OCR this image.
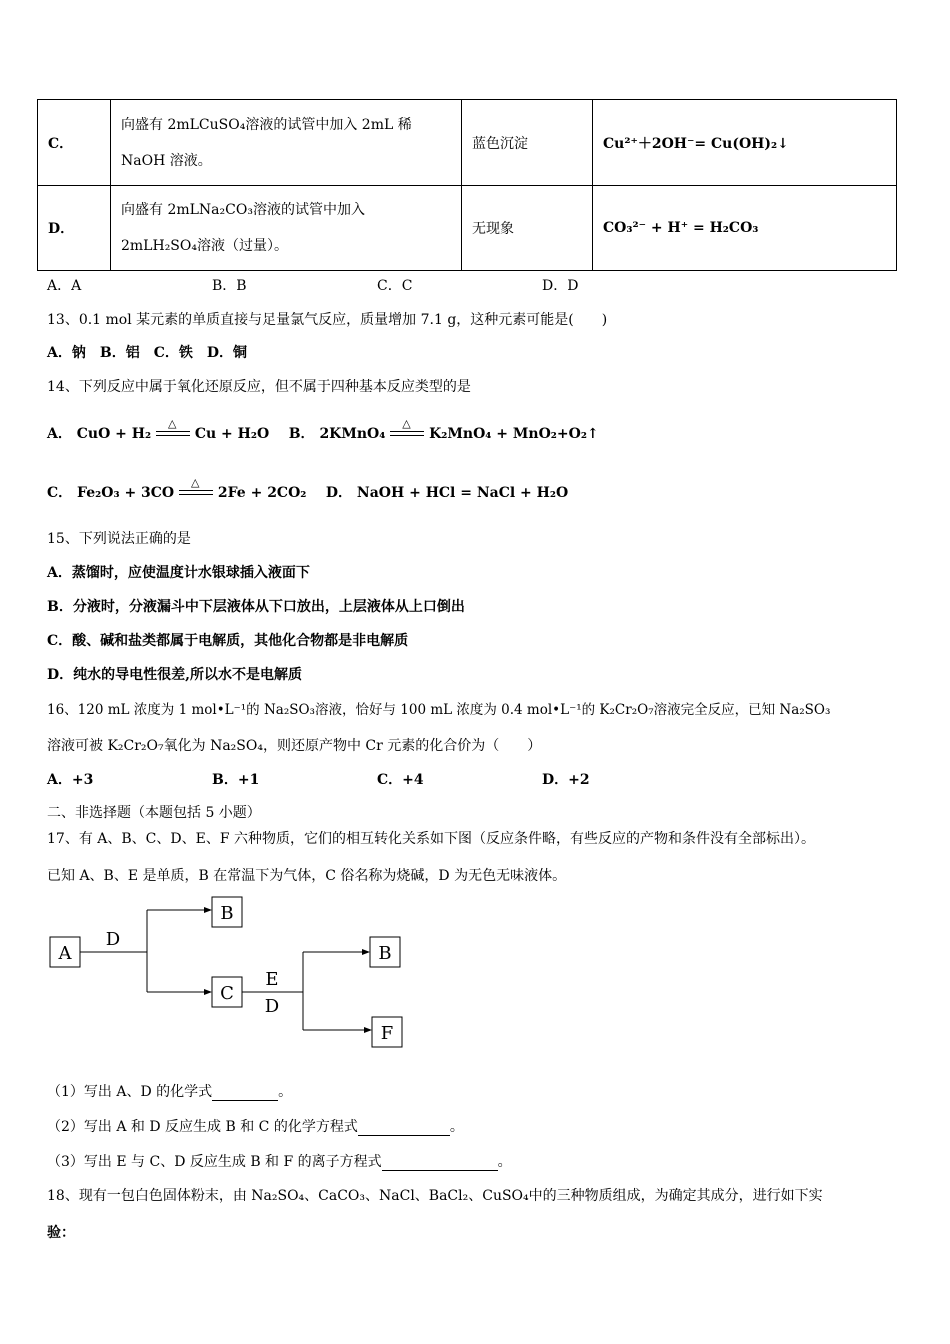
C．	向盛有 2mLCuSO₄溶液的试管中加入 2mL 稀
NaOH 溶液。	蓝色沉淀	Cu²⁺＋2OH⁻= Cu(OH)₂↓
D．	向盛有 2mLNa₂CO₃溶液的试管中加入
2mLH₂SO₄溶液（过量）。	无现象	CO₃²⁻ + H⁺ = H₂CO₃
A．A	B．B	C．C	D．D
13、0.1 mol 某元素的单质直接与足量氯气反应，质量增加 7.1 g，这种元素可能是(　　)
A．钠　B．铝　C．铁　D．铜
14、下列反应中属于氧化还原反应，但不属于四种基本反应类型的是
A． CuO + H₂
△
Cu + H₂O B． 2KMnO₄
△
K₂MnO₄ + MnO₂+O₂↑
C． Fe₂O₃ + 3CO
△
2Fe + 2CO₂ D． NaOH + HCl = NaCl + H₂O
15、下列说法正确的是
A．蒸馏时，应使温度计水银球插入液面下
B．分液时，分液漏斗中下层液体从下口放出，上层液体从上口倒出
C．酸、碱和盐类都属于电解质，其他化合物都是非电解质
D．纯水的导电性很差,所以水不是电解质
16、120 mL 浓度为 1 mol•L⁻¹的 Na₂SO₃溶液，恰好与 100 mL 浓度为 0.4 mol•L⁻¹的 K₂Cr₂O₇溶液完全反应，已知 Na₂SO₃
溶液可被 K₂Cr₂O₇氧化为 Na₂SO₄，则还原产物中 Cr 元素的化合价为（　　）
A．+3	B．+1	C．+4	D．+2
二、非选择题（本题包括 5 小题）
17、有 A、B、C、D、E、F 六种物质，它们的相互转化关系如下图（反应条件略，有些反应的产物和条件没有全部标出）。
已知 A、B、E 是单质，B 在常温下为气体，C 俗名称为烧碱，D 为无色无味液体。
A
B
C
B
F
D
E
D
（1）写出 A、D 的化学式	。
（2）写出 A 和 D 反应生成 B 和 C 的化学方程式	。
（3）写出 E 与 C、D 反应生成 B 和 F 的离子方程式	。
18、现有一包白色固体粉末，由 Na₂SO₄、CaCO₃、NaCl、BaCl₂、CuSO₄中的三种物质组成，为确定其成分，进行如下实
验：
